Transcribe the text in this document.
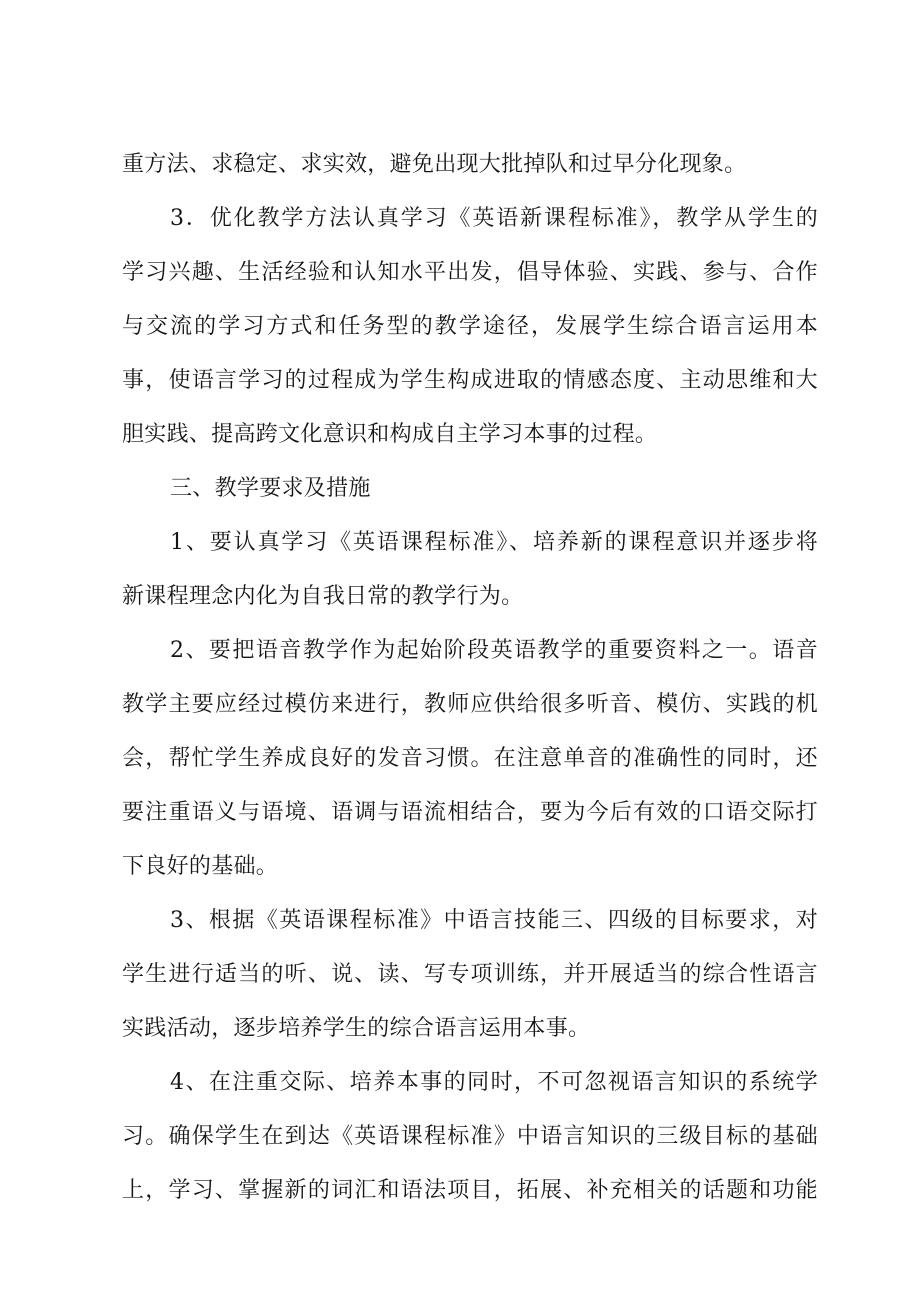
重方法、求稳定、求实效，避免出现大批掉队和过早分化现象。
3．优化教学方法认真学习《英语新课程标准》，教学从学生的
学习兴趣、生活经验和认知水平出发，倡导体验、实践、参与、合作
与交流的学习方式和任务型的教学途径，发展学生综合语言运用本
事，使语言学习的过程成为学生构成进取的情感态度、主动思维和大
胆实践、提高跨文化意识和构成自主学习本事的过程。
三、教学要求及措施
1、要认真学习《英语课程标准》、培养新的课程意识并逐步将
新课程理念内化为自我日常的教学行为。
2、要把语音教学作为起始阶段英语教学的重要资料之一。语音
教学主要应经过模仿来进行，教师应供给很多听音、模仿、实践的机
会，帮忙学生养成良好的发音习惯。在注意单音的准确性的同时，还
要注重语义与语境、语调与语流相结合，要为今后有效的口语交际打
下良好的基础。
3、根据《英语课程标准》中语言技能三、四级的目标要求，对
学生进行适当的听、说、读、写专项训练，并开展适当的综合性语言
实践活动，逐步培养学生的综合语言运用本事。
4、在注重交际、培养本事的同时，不可忽视语言知识的系统学
习。确保学生在到达《英语课程标准》中语言知识的三级目标的基础
上，学习、掌握新的词汇和语法项目，拓展、补充相关的话题和功能
